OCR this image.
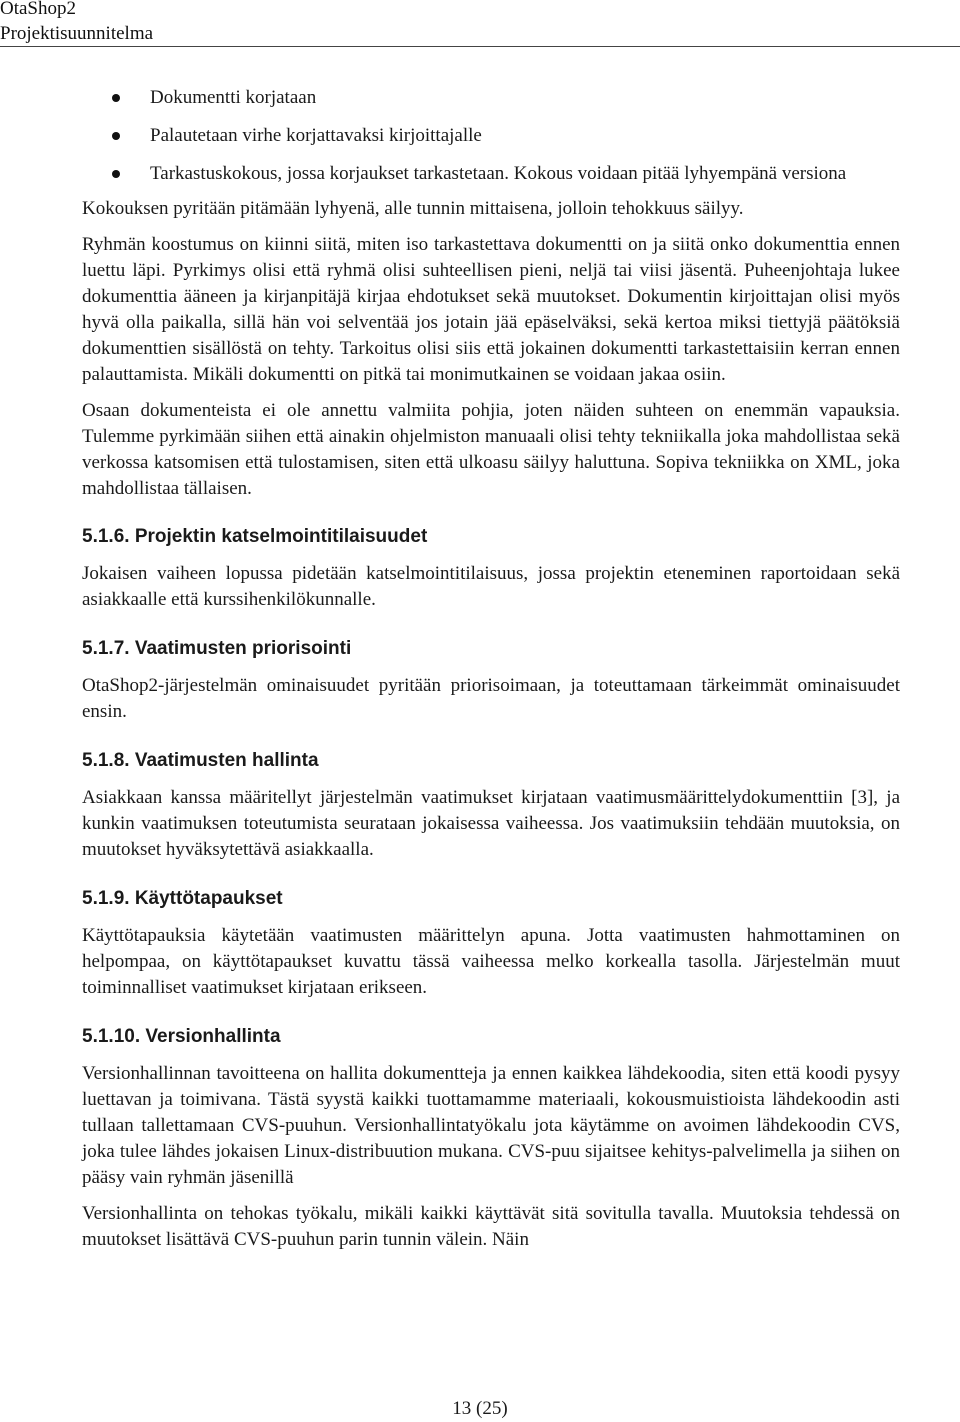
OtaShop2
Projektisuunnitelma
Dokumentti korjataan
Palautetaan virhe korjattavaksi kirjoittajalle
Tarkastuskokous, jossa korjaukset tarkastetaan. Kokous voidaan pitää lyhyempänä versiona

Kokouksen pyritään pitämään lyhyenä, alle tunnin mittaisena, jolloin tehokkuus säilyy.

Ryhmän koostumus on kiinni siitä, miten iso tarkastettava dokumentti on ja siitä onko dokumenttia ennen luettu läpi. Pyrkimys olisi että ryhmä olisi suhteellisen pieni, neljä tai viisi jäsentä. Puheenjohtaja lukee dokumenttia ääneen ja kirjanpitäjä kirjaa ehdotukset sekä muutokset. Dokumentin kirjoittajan olisi myös hyvä olla paikalla, sillä hän voi selventää jos jotain jää epäselväksi, sekä kertoa miksi tiettyjä päätöksiä dokumenttien sisällöstä on tehty. Tarkoitus olisi siis että jokainen dokumentti tarkastettaisiin kerran ennen palauttamista. Mikäli dokumentti on pitkä tai monimutkainen se voidaan jakaa osiin.

Osaan dokumenteista ei ole annettu valmiita pohjia, joten näiden suhteen on enemmän vapauksia. Tulemme pyrkimään siihen että ainakin ohjelmiston manuaali olisi tehty tekniikalla joka mahdollistaa sekä verkossa katsomisen että tulostamisen, siten että ulkoasu säilyy haluttuna. Sopiva tekniikka on XML, joka mahdollistaa tällaisen.

5.1.6. Projektin katselmointitilaisuudet

Jokaisen vaiheen lopussa pidetään katselmointitilaisuus, jossa projektin eteneminen raportoidaan sekä asiakkaalle että kurssihenkilökunnalle.

5.1.7. Vaatimusten priorisointi

OtaShop2-järjestelmän ominaisuudet pyritään priorisoimaan, ja toteuttamaan tärkeimmät ominaisuudet ensin.

5.1.8. Vaatimusten hallinta

Asiakkaan kanssa määritellyt järjestelmän vaatimukset kirjataan vaatimusmäärittelydokumenttiin [3], ja kunkin vaatimuksen toteutumista seurataan jokaisessa vaiheessa. Jos vaatimuksiin tehdään muutoksia, on muutokset hyväksytettävä asiakkaalla.

5.1.9. Käyttötapaukset

Käyttötapauksia käytetään vaatimusten määrittelyn apuna. Jotta vaatimusten hahmottaminen on helpompaa, on käyttötapaukset kuvattu tässä vaiheessa melko korkealla tasolla. Järjestelmän muut toiminnalliset vaatimukset kirjataan erikseen.

5.1.10. Versionhallinta

Versionhallinnan tavoitteena on hallita dokumentteja ja ennen kaikkea lähdekoodia, siten että koodi pysyy luettavan ja toimivana. Tästä syystä kaikki tuottamamme materiaali, kokousmuistioista lähdekoodin asti tullaan tallettamaan CVS-puuhun. Versionhallintatyökalu jota käytämme on avoimen lähdekoodin CVS, joka tulee lähdes jokaisen Linux-distribuution mukana. CVS-puu sijaitsee kehitys-palvelimella ja siihen on pääsy vain ryhmän jäsenillä

Versionhallinta on tehokas työkalu, mikäli kaikki käyttävät sitä sovitulla tavalla. Muutoksia tehdessä on muutokset lisättävä CVS-puuhun parin tunnin välein. Näin

13 (25)
